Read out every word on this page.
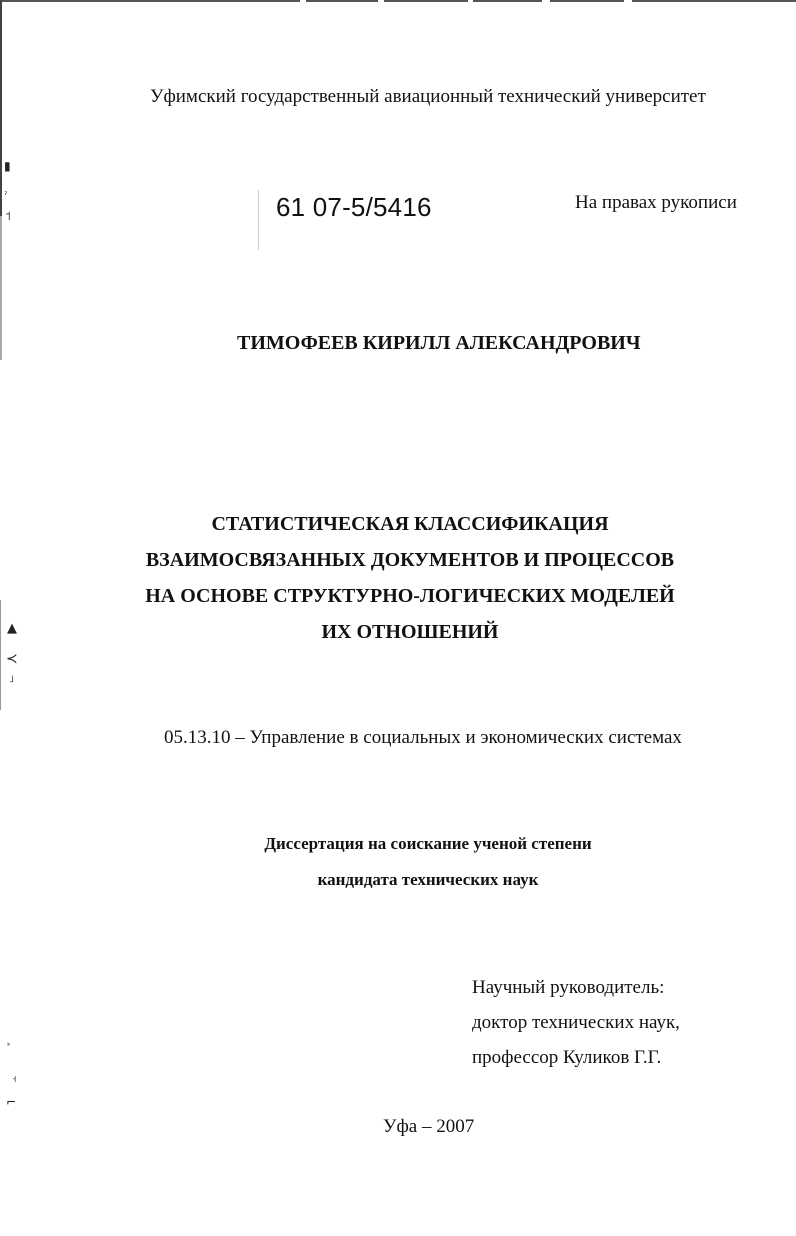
▮
ˀ
˦
▲
≺
˩
˃
˧
⌐
Уфимский государственный авиационный технический университет
61 07-5/5416	На правах рукописи
ТИМОФЕЕВ КИРИЛЛ АЛЕКСАНДРОВИЧ
СТАТИСТИЧЕСКАЯ КЛАССИФИКАЦИЯ
ВЗАИМОСВЯЗАННЫХ ДОКУМЕНТОВ И ПРОЦЕССОВ
НА ОСНОВЕ СТРУКТУРНО-ЛОГИЧЕСКИХ МОДЕЛЕЙ
ИХ ОТНОШЕНИЙ
05.13.10 – Управление в социальных и экономических системах
Диссертация на соискание ученой степени
кандидата технических наук
Научный руководитель:
доктор технических наук,
профессор Куликов Г.Г.
Уфа – 2007
